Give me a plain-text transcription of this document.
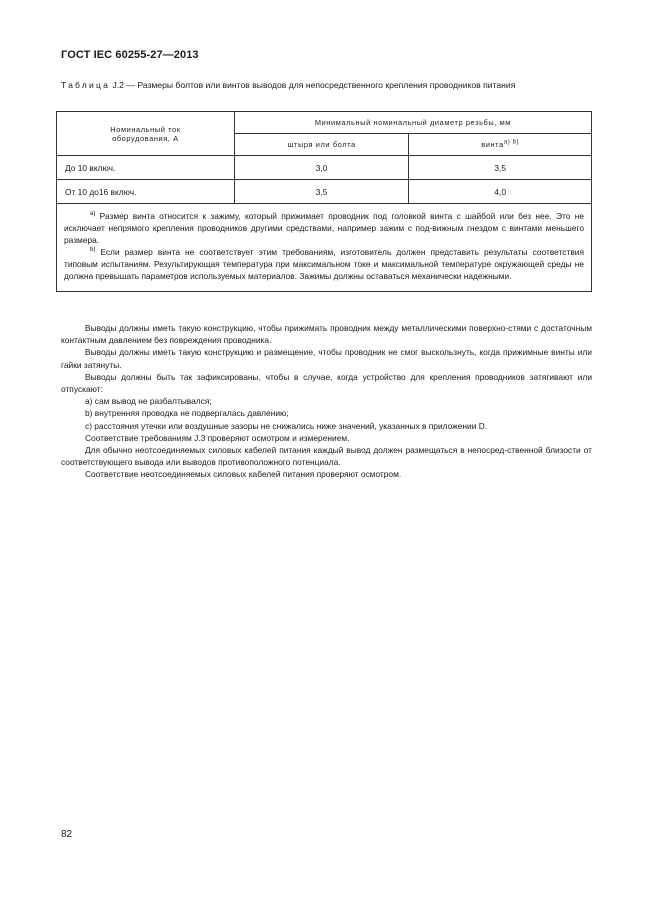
ГОСТ IEC 60255-27—2013
Таблица J.2 — Размеры болтов или винтов выводов для непосредственного крепления проводников питания
Номинальный ток оборудования, А	Минимальный номинальный диаметр резьбы, мм	
	штыря или болта	винта$^{a) b)}$
До 10 включ.	3,0	3,5
От 10 до16 включ.	3,5	4,0

$^{a)}$ Размер винта относится к зажиму, который прижимает проводник под головкой винта с шайбой или без нее. Это не исключает непрямого крепления проводников другими средствами, например зажим с под-вижным гнездом с винтами меньшего размера.

$^{b)}$ Если размер винта не соответствует этим требованиям, изготовитель должен представить результаты соответствия типовым испытаниям. Результирующая температура при максимальном токе и максимальной температуре окружающей среды не должна превышать параметров используемых материалов. Зажимы должны оставаться механически надежными.		

Выводы должны иметь такую конструкцию, чтобы прижимать проводник между металлическими поверхно-стями с достаточным контактным давлением без повреждения проводника.

Выводы должны иметь такую конструкцию и размещение, чтобы проводник не смог выскользнуть, когда прижимные винты или гайки затянуты.

Выводы должны быть так зафиксированы, чтобы в случае, когда устройство для крепления проводников затягивают или отпускают:

a) сам вывод не разбалтывался;

b) внутренняя проводка не подвергалась давлению;

c) расстояния утечки или воздушные зазоры не снижались ниже значений, указанных в приложении D.

Соответствие требованиям J.3 проверяют осмотром и измерением.

Для обычно неотсоединяемых силовых кабелей питания каждый вывод должен размещаться в непосред-ственной близости от соответствующего вывода или выводов противоположного потенциала.

Соответствие неотсоединяемых силовых кабелей питания проверяют осмотром.

82
